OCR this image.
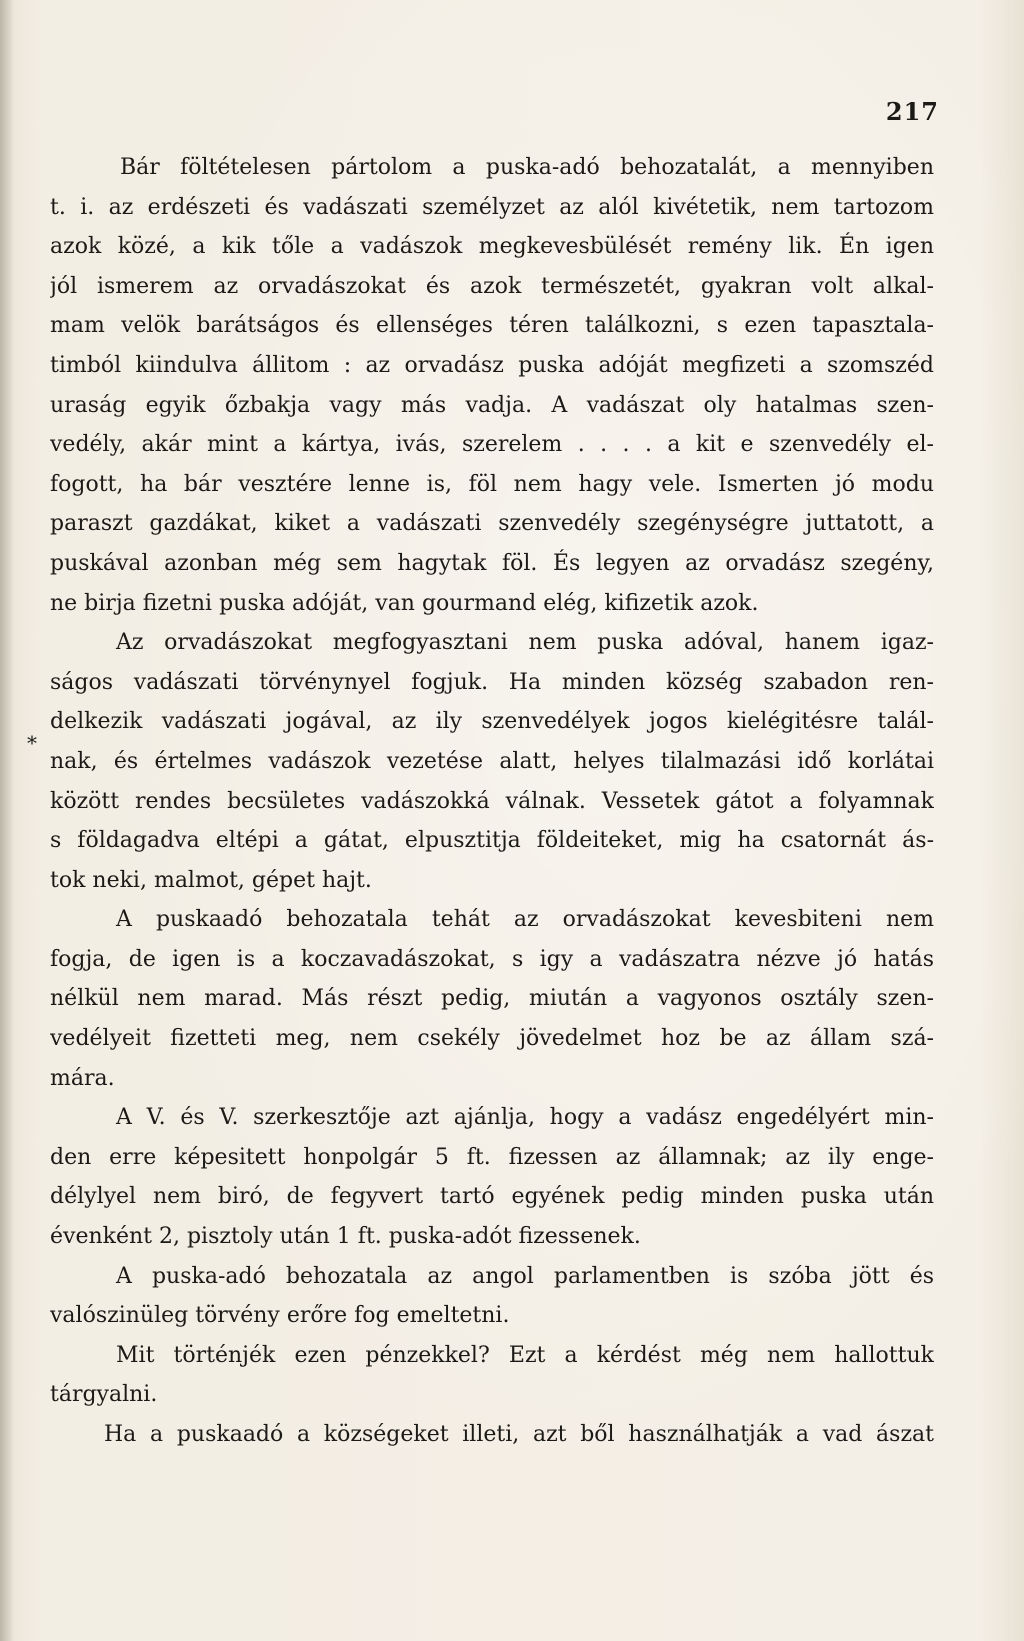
217
*
Bár föltételesen pártolom a puska-adó behozatalát, a mennyiben
t. i. az erdészeti és vadászati személyzet az alól kivétetik, nem tartozom
azok közé, a kik tőle a vadászok megkevesbülését remény lik. Én igen
jól ismerem az orvadászokat és azok természetét, gyakran volt alkal-
mam velök barátságos és ellenséges téren találkozni, s ezen tapasztala-
timból kiindulva állitom : az orvadász puska adóját megfizeti a szomszéd
uraság egyik őzbakja vagy más vadja. A vadászat oly hatalmas szen-
vedély, akár mint a kártya, ivás, szerelem . . . . a kit e szenvedély el-
fogott, ha bár vesztére lenne is, föl nem hagy vele. Ismerten jó modu
paraszt gazdákat, kiket a vadászati szenvedély szegénységre juttatott, a
puskával azonban még sem hagytak föl. És legyen az orvadász szegény,
ne birja fizetni puska adóját, van gourmand elég, kifizetik azok.
Az orvadászokat megfogyasztani nem puska adóval, hanem igaz-
ságos vadászati törvénynyel fogjuk. Ha minden község szabadon ren-
delkezik vadászati jogával, az ily szenvedélyek jogos kielégitésre talál-
nak, és értelmes vadászok vezetése alatt, helyes tilalmazási idő korlátai
között rendes becsületes vadászokká válnak. Vessetek gátot a folyamnak
s földagadva eltépi a gátat, elpusztitja földeiteket, mig ha csatornát ás-
tok neki, malmot, gépet hajt.
A puskaadó behozatala tehát az orvadászokat kevesbiteni nem
fogja, de igen is a koczavadászokat, s igy a vadászatra nézve jó hatás
nélkül nem marad. Más részt pedig, miután a vagyonos osztály szen-
vedélyeit fizetteti meg, nem csekély jövedelmet hoz be az állam szá-
mára.
A V. és V. szerkesztője azt ajánlja, hogy a vadász engedélyért min-
den erre képesitett honpolgár 5 ft. fizessen az államnak; az ily enge-
délylyel nem biró, de fegyvert tartó egyének pedig minden puska után
évenként 2, pisztoly után 1 ft. puska-adót fizessenek.
A puska-adó behozatala az angol parlamentben is szóba jött és
valószinüleg törvény erőre fog emeltetni.
Mit történjék ezen pénzekkel? Ezt a kérdést még nem hallottuk
tárgyalni.
Ha a puskaadó a községeket illeti, azt ből használhatják a vad ászat
